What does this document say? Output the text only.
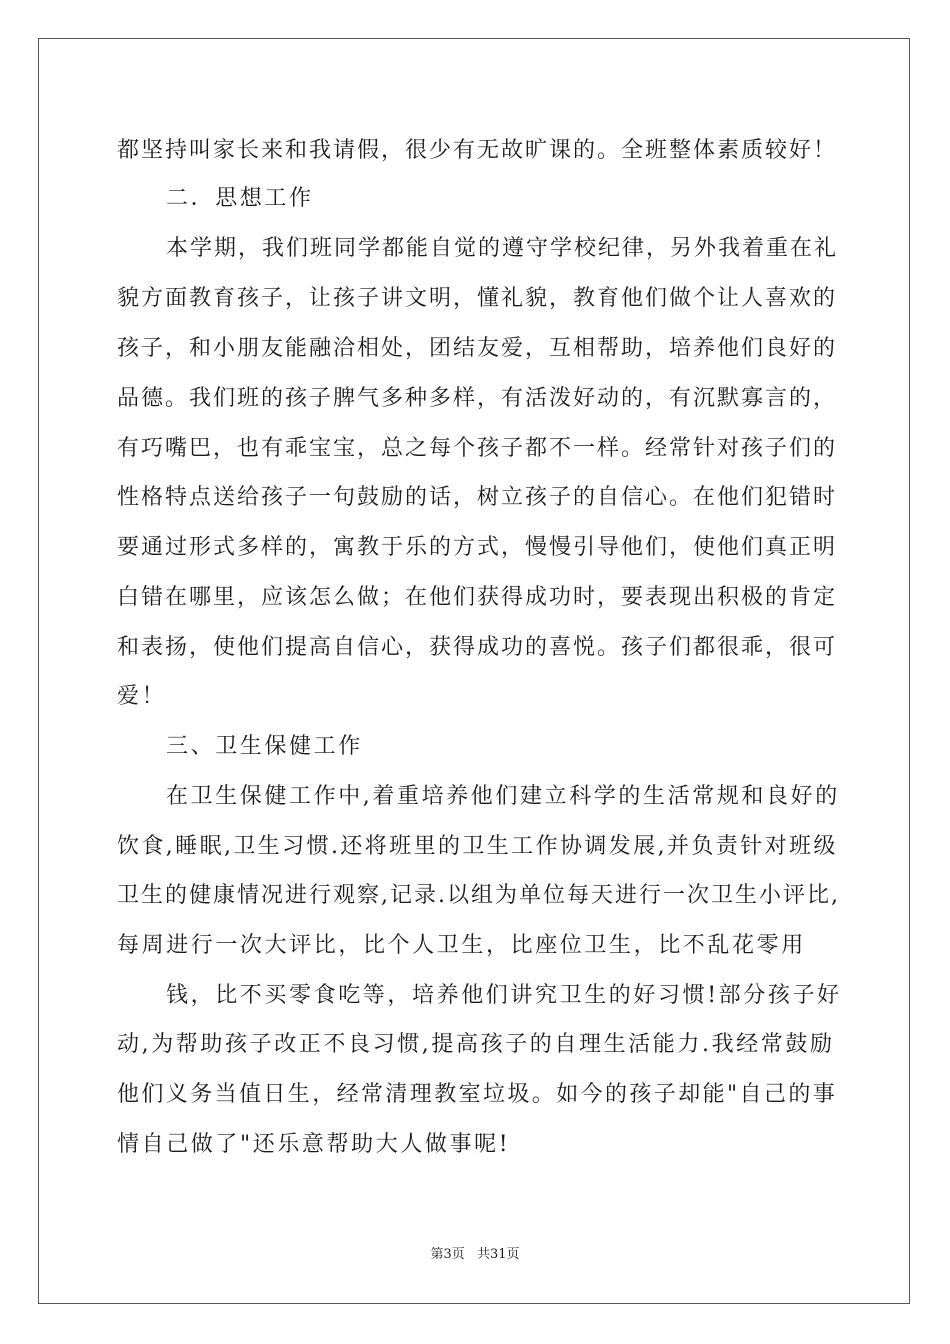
都坚持叫家长来和我请假，很少有无故旷课的。全班整体素质较好！
二．思想工作
本学期，我们班同学都能自觉的遵守学校纪律，另外我着重在礼
貌方面教育孩子，让孩子讲文明，懂礼貌，教育他们做个让人喜欢的
孩子，和小朋友能融洽相处，团结友爱，互相帮助，培养他们良好的
品德。我们班的孩子脾气多种多样，有活泼好动的，有沉默寡言的，
有巧嘴巴，也有乖宝宝，总之每个孩子都不一样。经常针对孩子们的
性格特点送给孩子一句鼓励的话，树立孩子的自信心。在他们犯错时
要通过形式多样的，寓教于乐的方式，慢慢引导他们，使他们真正明
白错在哪里，应该怎么做；在他们获得成功时，要表现出积极的肯定
和表扬，使他们提高自信心，获得成功的喜悦。孩子们都很乖，很可
爱！
三、卫生保健工作
在卫生保健工作中,着重培养他们建立科学的生活常规和良好的
饮食,睡眠,卫生习惯.还将班里的卫生工作协调发展,并负责针对班级
卫生的健康情况进行观察,记录.以组为单位每天进行一次卫生小评比,
每周进行一次大评比，比个人卫生，比座位卫生，比不乱花零用
钱，比不买零食吃等，培养他们讲究卫生的好习惯!部分孩子好
动,为帮助孩子改正不良习惯,提高孩子的自理生活能力.我经常鼓励
他们义务当值日生，经常清理教室垃圾。如今的孩子却能"自己的事
情自己做了"还乐意帮助大人做事呢!
第3页 共31页
